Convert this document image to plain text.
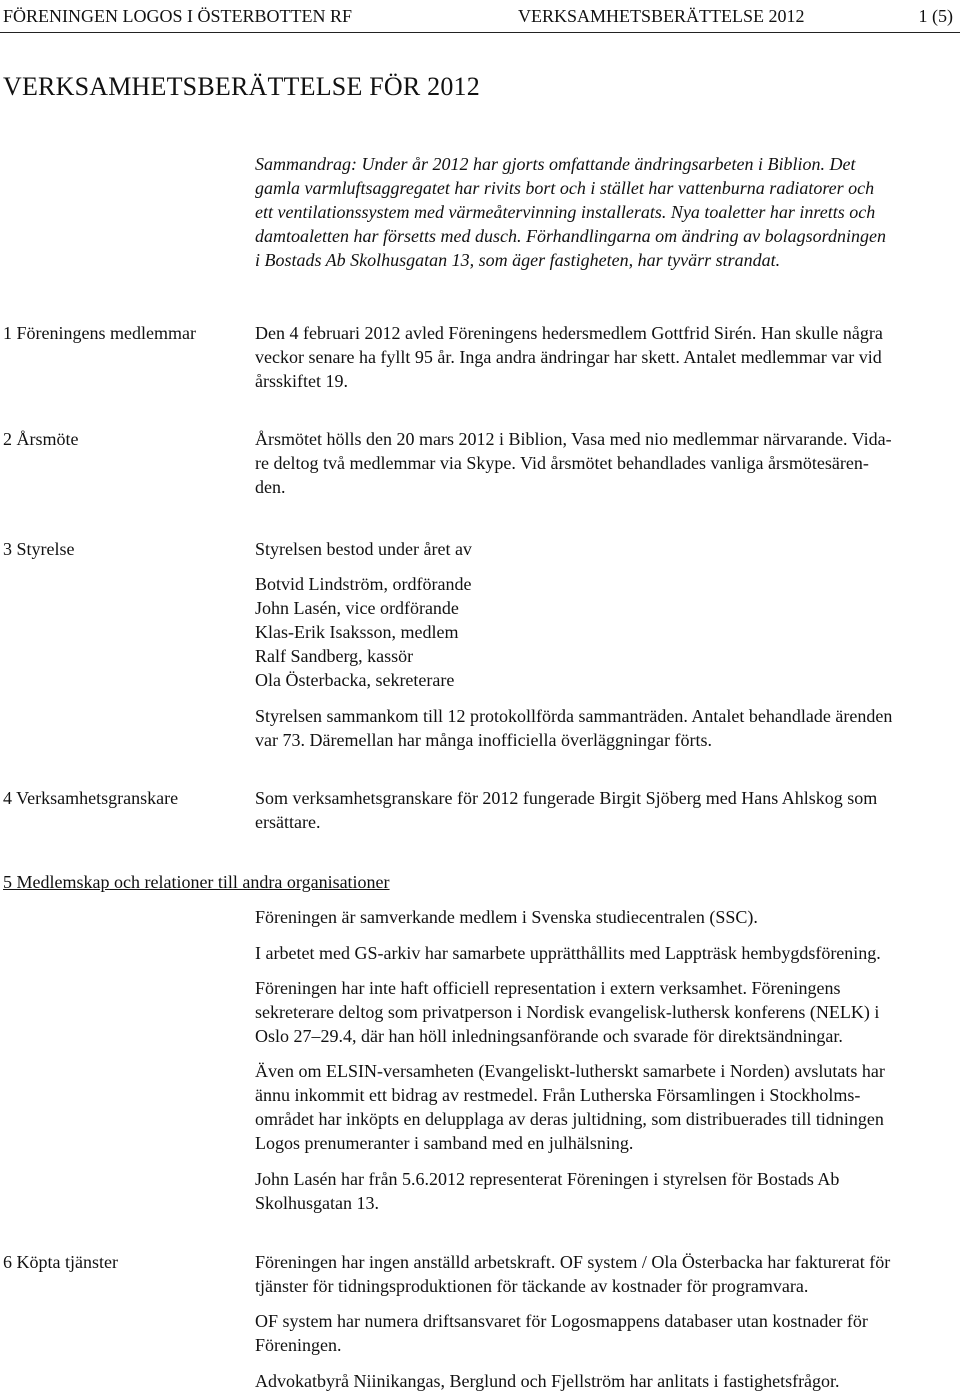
FÖRENINGEN LOGOS I ÖSTERBOTTEN RF	VERKSAMHETSBERÄTTELSE 2012	1 (5)
VERKSAMHETSBERÄTTELSE FÖR 2012

Sammandrag: Under år 2012 har gjorts omfattande ändringsarbeten i Biblion. Det

gamla varmluftsaggregatet har rivits bort och i stället har vattenburna radiatorer och

ett ventilationssystem med värmeåtervinning installerats. Nya toaletter har inretts och

damtoaletten har försetts med dusch. Förhandlingarna om ändring av bolagsordningen

i Bostads Ab Skolhusgatan 13, som äger fastigheten, har tyvärr strandat.

1 Föreningens medlemmar	Den 4 februari 2012 avled Föreningens hedersmedlem Gottfrid Sirén. Han skulle några

veckor senare ha fyllt 95 år. Inga andra ändringar har skett. Antalet medlemmar var vid

årsskiftet 19.

2 Årsmöte	Årsmötet hölls den 20 mars 2012 i Biblion, Vasa med nio medlemmar närvarande. Vida-

re deltog två medlemmar via Skype. Vid årsmötet behandlades vanliga årsmötesären-

den.

3 Styrelse	Styrelsen bestod under året av

Botvid Lindström, ordförande
John Lasén, vice ordförande
Klas-Erik Isaksson, medlem
Ralf Sandberg, kassör
Ola Österbacka, sekreterare

Styrelsen sammankom till 12 protokollförda sammanträden. Antalet behandlade ärenden

var 73. Däremellan har många inofficiella överläggningar förts.

4 Verksamhetsgranskare	Som verksamhetsgranskare för 2012 fungerade Birgit Sjöberg med Hans Ahlskog som

ersättare.

5 Medlemskap och relationer till andra organisationer

Föreningen är samverkande medlem i Svenska studiecentralen (SSC).

I arbetet med GS-arkiv har samarbete upprätthållits med Lappträsk hembygdsförening.

Föreningen har inte haft officiell representation i extern verksamhet. Föreningens

sekreterare deltog som privatperson i Nordisk evangelisk-luthersk konferens (NELK) i

Oslo 27–29.4, där han höll inledningsanförande och svarade för direktsändningar.

Även om ELSIN-versamheten (Evangeliskt-lutherskt samarbete i Norden) avslutats har

ännu inkommit ett bidrag av restmedel. Från Lutherska Församlingen i Stockholms-

området har inköpts en delupplaga av deras jultidning, som distribuerades till tidningen

Logos prenumeranter i samband med en julhälsning.

John Lasén har från 5.6.2012 representerat Föreningen i styrelsen för Bostads Ab

Skolhusgatan 13.

6 Köpta tjänster	Föreningen har ingen anställd arbetskraft. OF system / Ola Österbacka har fakturerat för

tjänster för tidningsproduktionen för täckande av kostnader för programvara.

OF system har numera driftsansvaret för Logosmappens databaser utan kostnader för

Föreningen.

Advokatbyrå Niinikangas, Berglund och Fjellström har anlitats i fastighetsfrågor.
